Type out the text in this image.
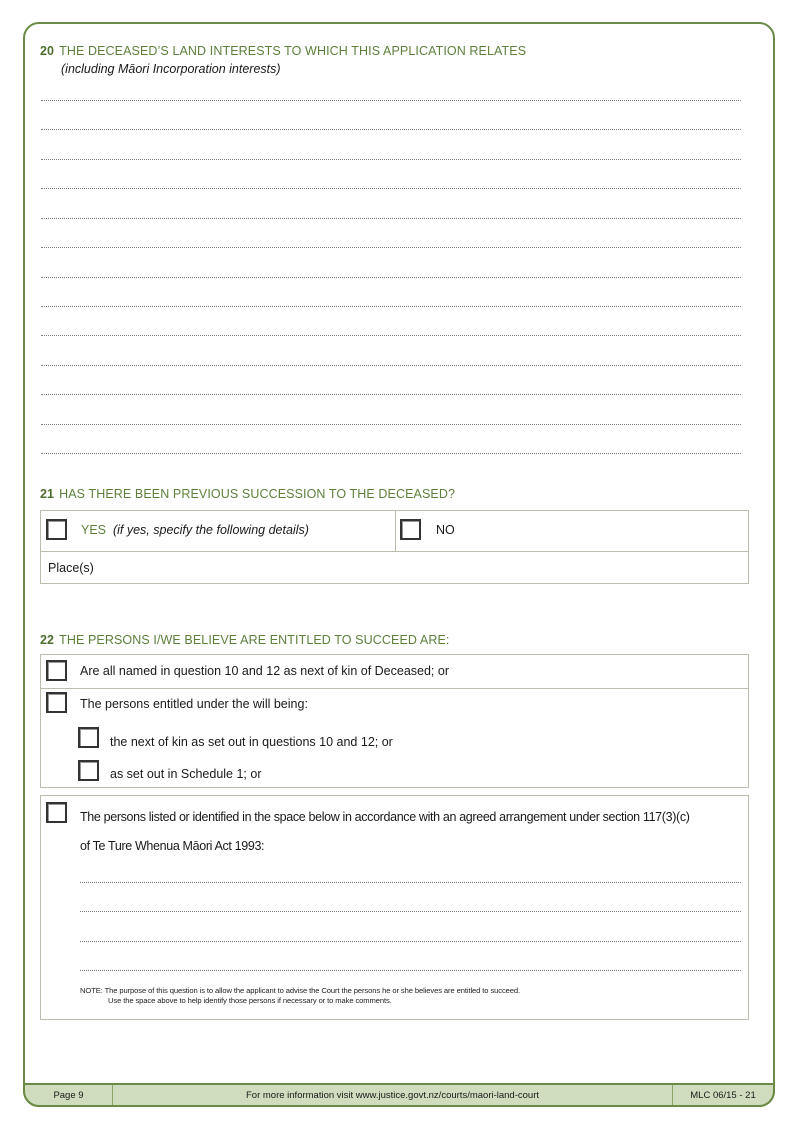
20 THE DECEASED’S LAND INTERESTS TO WHICH THIS APPLICATION RELATES
(including Māori Incorporation interests)
21 HAS THERE BEEN PREVIOUS SUCCESSION TO THE DECEASED?
YES (if yes, specify the following details)	NO
Place(s)
22 THE PERSONS I/WE BELIEVE ARE ENTITLED TO SUCCEED ARE:
Are all named in question 10 and 12 as next of kin of Deceased; or
The persons entitled under the will being:
the next of kin as set out in questions 10 and 12; or
as set out in Schedule 1; or
The persons listed or identified in the space below in accordance with an agreed arrangement under section 117(3)(c)
of Te Ture Whenua Māori Act 1993:
NOTE: The purpose of this question is to allow the applicant to advise the Court the persons he or she believes are entitled to succeed.
Use the space above to help identify those persons if necessary or to make comments.
Page 9	For more information visit www.justice.govt.nz/courts/maori-land-court	MLC 06/15 - 21
